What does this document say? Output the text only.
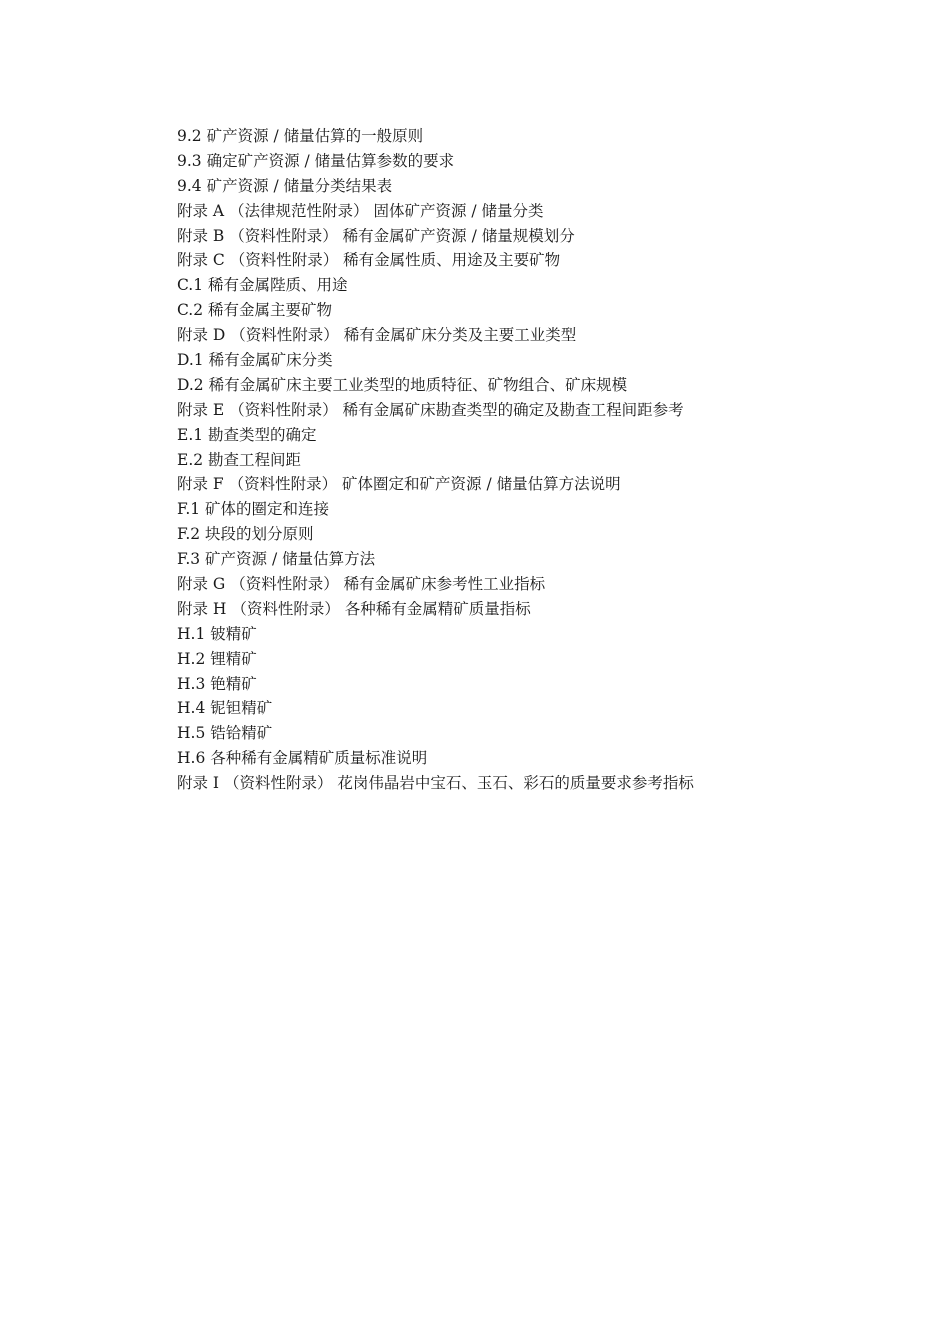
9.2 矿产资源 / 储量估算的一般原则
9.3 确定矿产资源 / 储量估算参数的要求
9.4 矿产资源 / 储量分类结果表
附录 A （法律规范性附录） 固体矿产资源 / 储量分类
附录 B （资料性附录） 稀有金属矿产资源 / 储量规模划分
附录 C （资料性附录） 稀有金属性质、用途及主要矿物
C.1 稀有金属陛质、用途
C.2 稀有金属主要矿物
附录 D （资料性附录） 稀有金属矿床分类及主要工业类型
D.1 稀有金属矿床分类
D.2 稀有金属矿床主要工业类型的地质特征、矿物组合、矿床规模
附录 E （资料性附录） 稀有金属矿床勘查类型的确定及勘查工程间距参考
E.1 勘查类型的确定
E.2 勘查工程间距
附录 F （资料性附录） 矿体圈定和矿产资源 / 储量估算方法说明
F.1 矿体的圈定和连接
F.2 块段的划分原则
F.3 矿产资源 / 储量估算方法
附录 G （资料性附录） 稀有金属矿床参考性工业指标
附录 H （资料性附录） 各种稀有金属精矿质量指标
H.1 铍精矿
H.2 锂精矿
H.3 铯精矿
H.4 铌钽精矿
H.5 锆铪精矿
H.6 各种稀有金属精矿质量标准说明
附录 I （资料性附录） 花岗伟晶岩中宝石、玉石、彩石的质量要求参考指标
